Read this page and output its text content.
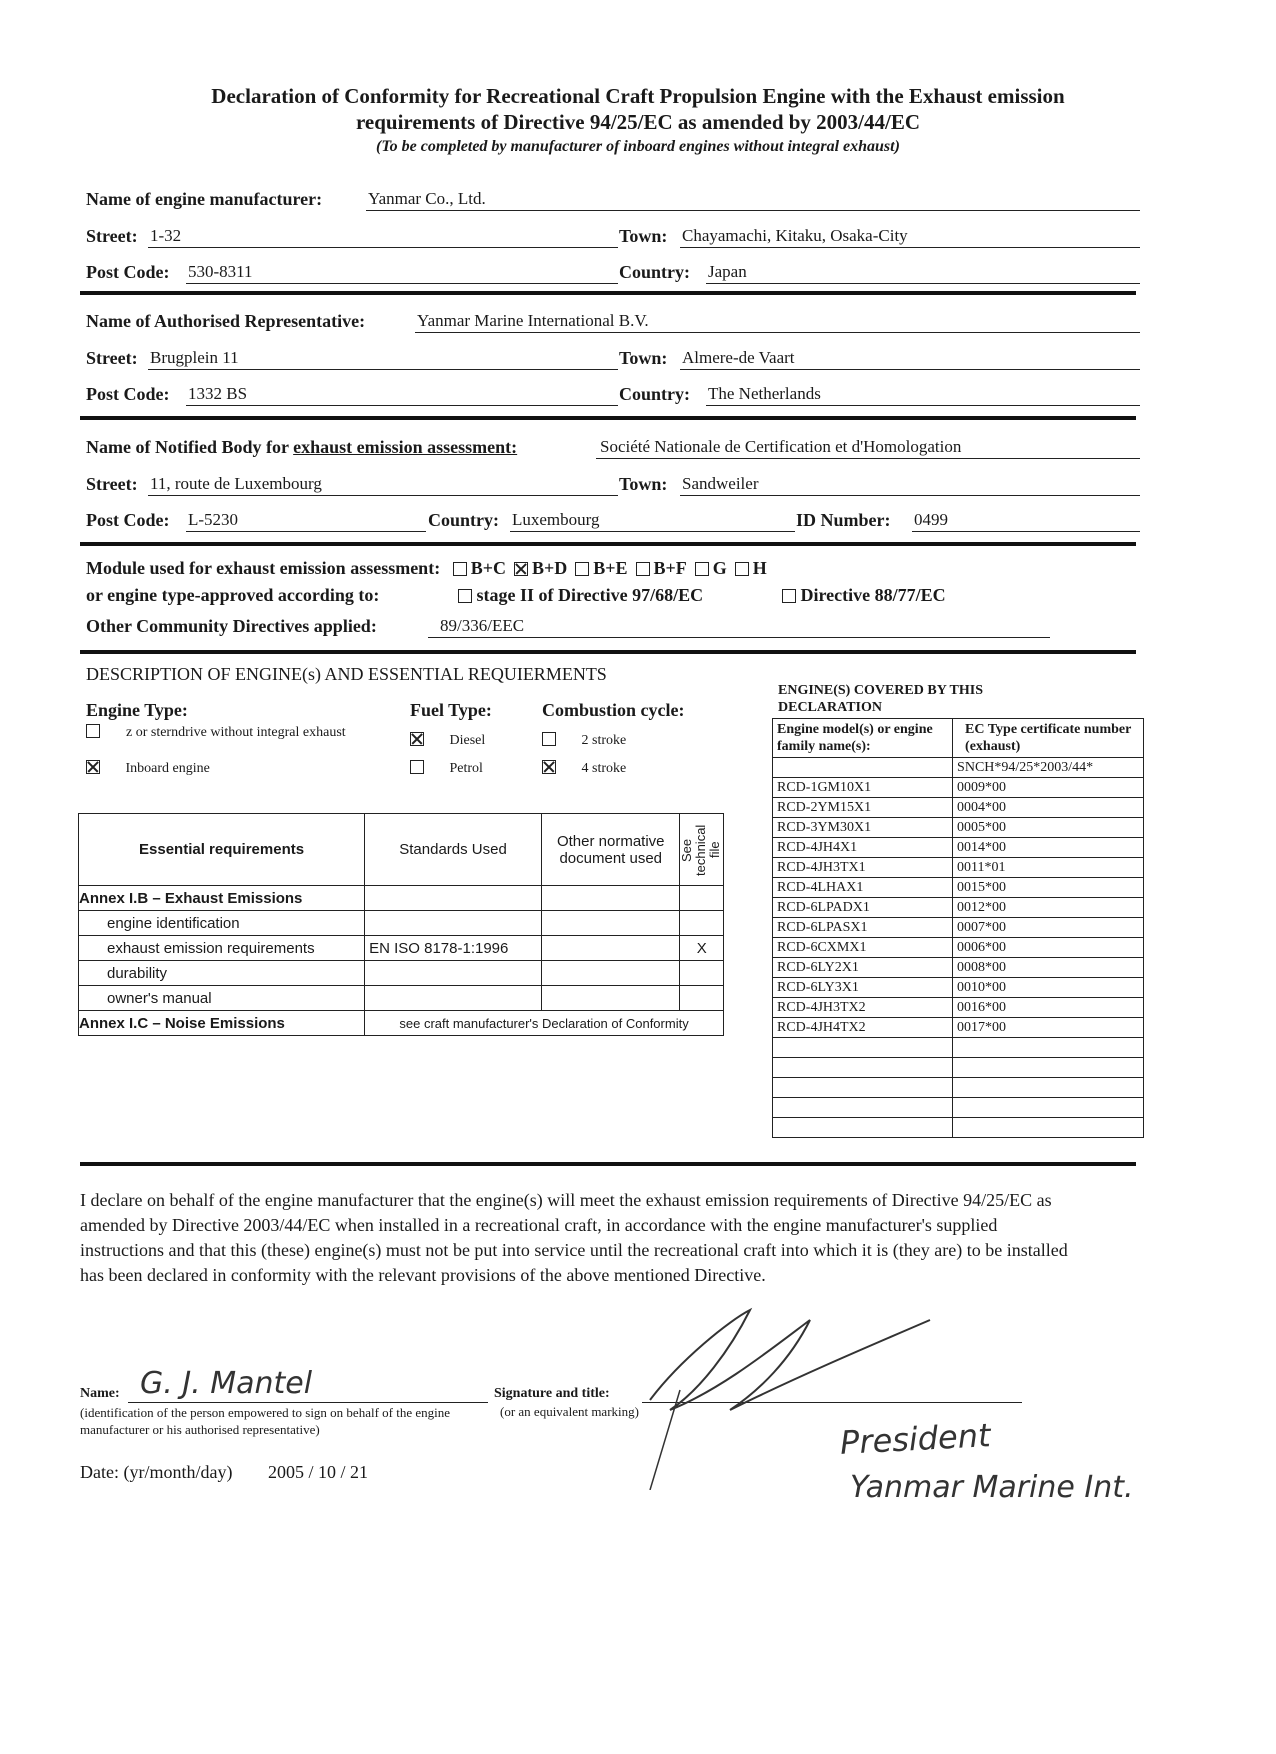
Declaration of Conformity for Recreational Craft Propulsion Engine with the Exhaust emission
requirements of Directive 94/25/EC as amended by 2003/44/EC
(To be completed by manufacturer of inboard engines without integral exhaust)
Name of engine manufacturer:	Yanmar Co., Ltd.
Street: 1-32	Town: Chayamachi, Kitaku, Osaka-City
Post Code: 530-8311	Country: Japan
Name of Authorised Representative:	Yanmar Marine International B.V.
Street: Brugplein 11	Town: Almere-de Vaart
Post Code: 1332 BS	Country: The Netherlands
Name of Notified Body for exhaust emission assessment:	Société Nationale de Certification et d'Homologation
Street: 11, route de Luxembourg	Town: Sandweiler
Post Code: L-5230	Country: Luxembourg	ID Number: 0499
Module used for exhaust emission assessment: B+C B+D B+E B+F G H
or engine type-approved according to:	stage II of Directive 97/68/EC	Directive 88/77/EC
Other Community Directives applied:	89/336/EEC
DESCRIPTION OF ENGINE(s) AND ESSENTIAL REQUIERMENTS
Engine Type:
z or sterndrive without integral exhaust
Inboard engine
Fuel Type:
Diesel
Petrol
Combustion cycle:
2 stroke
4 stroke
Essential requirements	Standards Used	Other normative document used	See technical file

Annex I.B – Exhaust Emissions			
engine identification			
exhaust emission requirements	EN ISO 8178-1:1996		X
durability			
owner's manual			
Annex I.C – Noise Emissions	see craft manufacturer's Declaration of Conformity		
ENGINE(S) COVERED BY THIS DECLARATION
Engine model(s) or engine family name(s):	EC Type certificate number (exhaust)
	SNCH*94/25*2003/44*
RCD-1GM10X1	0009*00
RCD-2YM15X1	0004*00
RCD-3YM30X1	0005*00
RCD-4JH4X1	0014*00
RCD-4JH3TX1	0011*01
RCD-4LHAX1	0015*00
RCD-6LPADX1	0012*00
RCD-6LPASX1	0007*00
RCD-6CXMX1	0006*00
RCD-6LY2X1	0008*00
RCD-6LY3X1	0010*00
RCD-4JH3TX2	0016*00
RCD-4JH4TX2	0017*00

I declare on behalf of the engine manufacturer that the engine(s) will meet the exhaust emission requirements of Directive 94/25/EC as amended by Directive 2003/44/EC when installed in a recreational craft, in accordance with the engine manufacturer's supplied instructions and that this (these) engine(s) must not be put into service until the recreational craft into which it is (they are) to be installed has been declared in conformity with the relevant provisions of the above mentioned Directive.
Name: G. J. Mantel
(identification of the person empowered to sign on behalf of the engine manufacturer or his authorised representative)
Signature and title:
(or an equivalent marking)
President
Yanmar Marine Int.
Date: (yr/month/day) 2005 / 10 / 21
